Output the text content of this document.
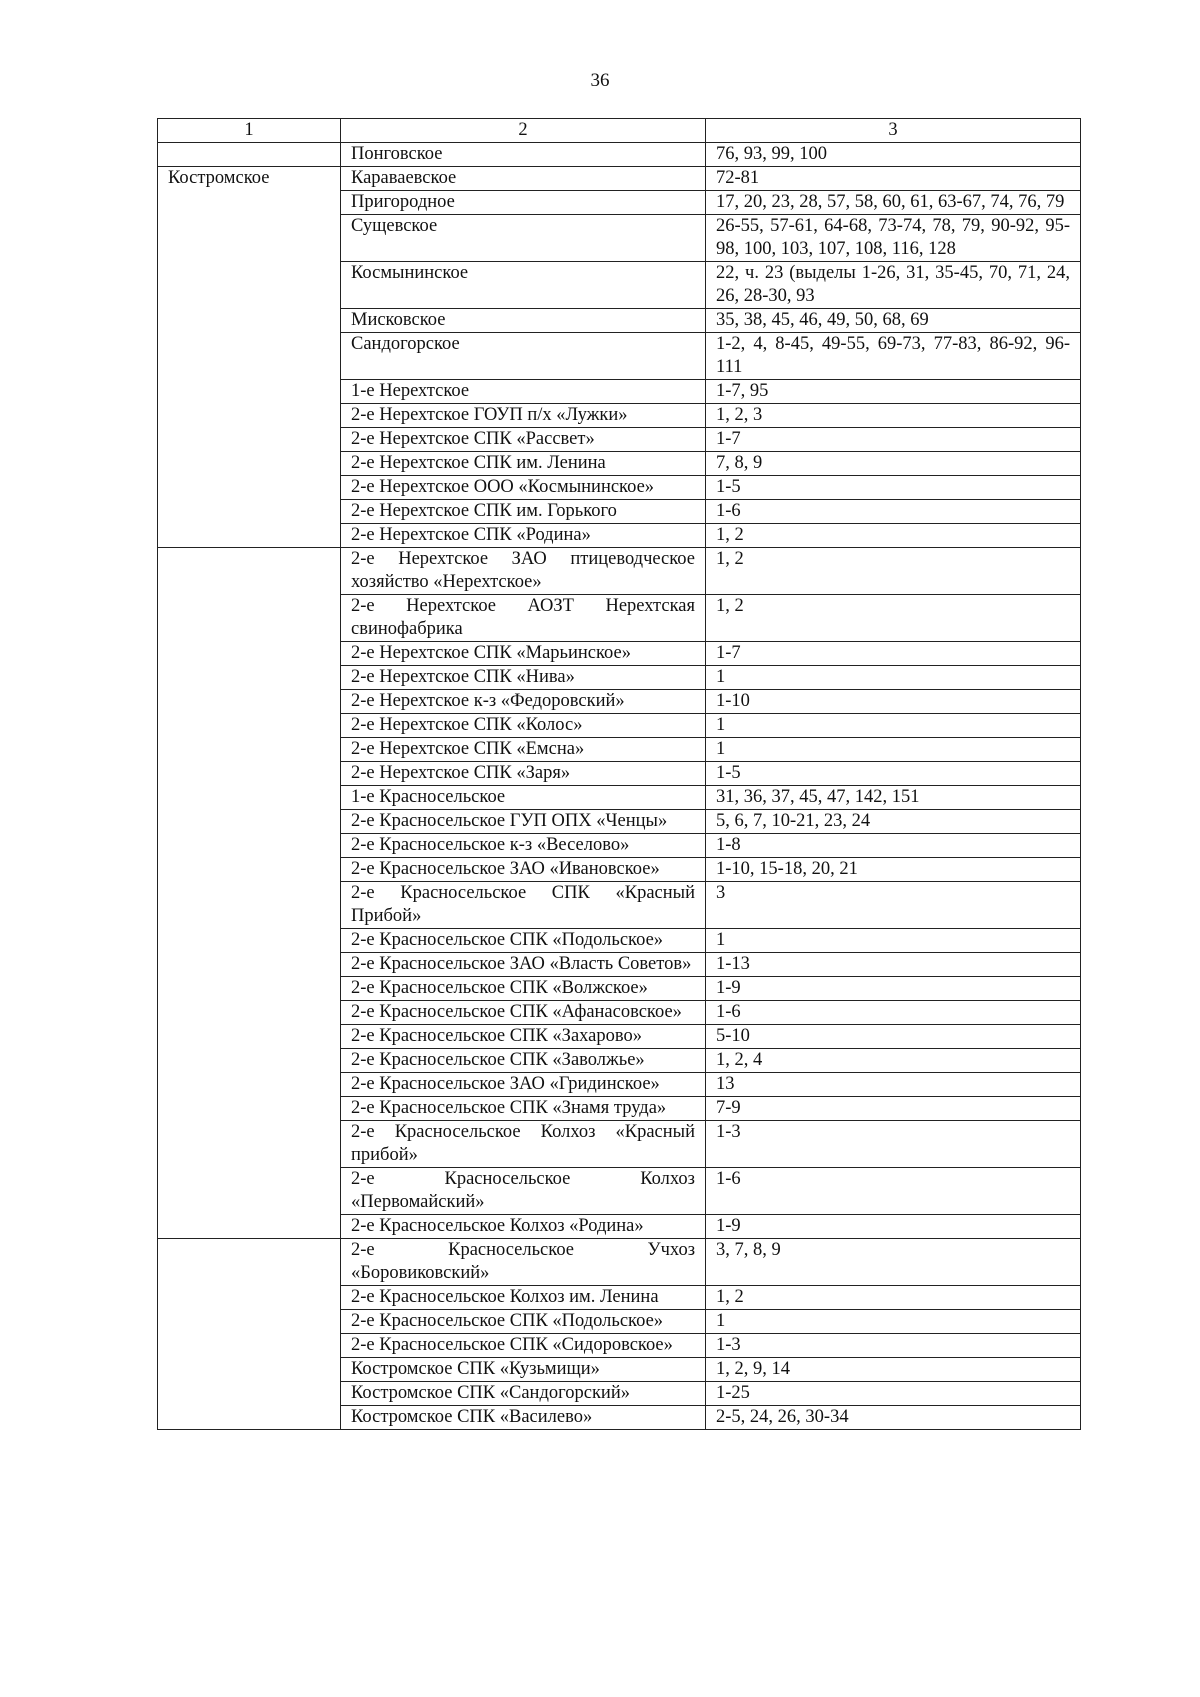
36
1	2	3
	Понговское	76, 93, 99, 100
Костромское	Караваевское	72-81
	Пригородное	17, 20, 23, 28, 57, 58, 60, 61, 63-67, 74, 76, 79
	Сущевское	26-55, 57-61, 64-68, 73-74, 78, 79, 90-92, 95-98, 100, 103, 107, 108, 116, 128
	Космынинское	22, ч. 23 (выделы 1-26, 31, 35-45, 70, 71, 24, 26, 28-30, 93
	Мисковское	35, 38, 45, 46, 49, 50, 68, 69
	Сандогорское	1-2, 4, 8-45, 49-55, 69-73, 77-83, 86-92, 96-111
	1-е Нерехтское	1-7, 95
	2-е Нерехтское ГОУП п/х «Лужки»	1, 2, 3
	2-е Нерехтское СПК «Рассвет»	1-7
	2-е Нерехтское СПК им. Ленина	7, 8, 9
	2-е Нерехтское ООО «Космынинское»	1-5
	2-е Нерехтское СПК им. Горького	1-6
	2-е Нерехтское СПК «Родина»	1, 2
	2-е Нерехтское ЗАО птицеводческое хозяйство «Нерехтское»	1, 2
	2-е Нерехтское АОЗТ Нерехтская свинофабрика	1, 2
	2-е Нерехтское СПК «Марьинское»	1-7
	2-е Нерехтское СПК «Нива»	1
	2-е Нерехтское к-з «Федоровский»	1-10
	2-е Нерехтское СПК «Колос»	1
	2-е Нерехтское СПК «Емсна»	1
	2-е Нерехтское СПК «Заря»	1-5
	1-е Красносельское	31, 36, 37, 45, 47, 142, 151
	2-е Красносельское ГУП ОПХ «Ченцы»	5, 6, 7, 10-21, 23, 24
	2-е Красносельское к-з «Веселово»	1-8
	2-е Красносельское ЗАО «Ивановское»	1-10, 15-18, 20, 21
	2-е Красносельское СПК «Красный Прибой»	3
	2-е Красносельское СПК «Подольское»	1
	2-е Красносельское ЗАО «Власть Советов»	1-13
	2-е Красносельское СПК «Волжское»	1-9
	2-е Красносельское СПК «Афанасовское»	1-6
	2-е Красносельское СПК «Захарово»	5-10
	2-е Красносельское СПК «Заволжье»	1, 2, 4
	2-е Красносельское ЗАО «Гридинское»	13
	2-е Красносельское СПК «Знамя труда»	7-9
	2-е Красносельское Колхоз «Красный прибой»	1-3
	2-е Красносельское Колхоз «Первомайский»	1-6
	2-е Красносельское Колхоз «Родина»	1-9
	2-е Красносельское Учхоз «Боровиковский»	3, 7, 8, 9
	2-е Красносельское Колхоз им. Ленина	1, 2
	2-е Красносельское СПК «Подольское»	1
	2-е Красносельское СПК «Сидоровское»	1-3
	Костромское СПК «Кузьмищи»	1, 2, 9, 14
	Костромское СПК «Сандогорский»	1-25
	Костромское СПК «Василево»	2-5, 24, 26, 30-34
